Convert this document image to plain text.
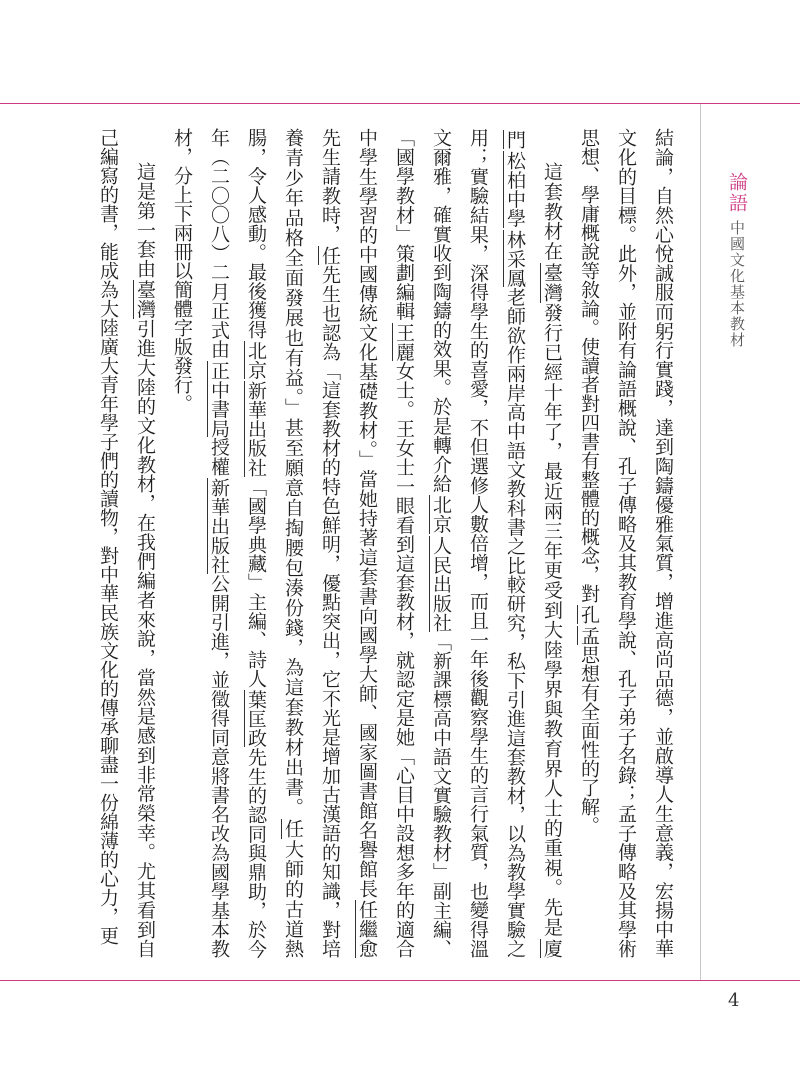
論語
中國文化基本教材
結論，自然心悅誠服而躬行實踐，達到陶鑄優雅氣質，增進高尚品德，並啟導人生意義，宏揚中華
文化的目標。此外，並附有論語概說、孔子傳略及其教育學說、孔子弟子名錄；孟子傳略及其學術
思想、學庸概說等敘論。使讀者對四書有整體的概念，對孔孟思想有全面性的了解。
這套教材在臺灣發行已經十年了，最近兩三年更受到大陸學界與教育界人士的重視。先是廈
門松柏中學林采鳳老師欲作兩岸高中語文教科書之比較研究，私下引進這套教材，以為教學實驗之
用；實驗結果，深得學生的喜愛，不但選修人數倍增，而且一年後觀察學生的言行氣質，也變得溫
文爾雅，確實收到陶鑄的效果。於是轉介給北京人民出版社「新課標高中語文實驗教材」副主編、
「國學教材」策劃編輯王麗女士。王女士一眼看到這套教材，就認定是她「心目中設想多年的適合
中學生學習的中國傳統文化基礎教材。」當她持著這套書向國學大師、國家圖書館名譽館長任繼愈
先生請教時，任先生也認為「這套教材的特色鮮明，優點突出，它不光是增加古漢語的知識，對培
養青少年品格全面發展也有益。」甚至願意自掏腰包湊份錢，為這套教材出書。任大師的古道熱
腸，令人感動。最後獲得北京新華出版社「國學典藏」主編、詩人葉匡政先生的認同與鼎助，於今
年（二〇〇八）二月正式由正中書局授權新華出版社公開引進，並徵得同意將書名改為國學基本教
材，分上下兩冊以簡體字版發行。
這是第一套由臺灣引進大陸的文化教材，在我們編者來說，當然是感到非常榮幸。尤其看到自
己編寫的書，能成為大陸廣大青年學子們的讀物，對中華民族文化的傳承聊盡一份綿薄的心力，更
4
